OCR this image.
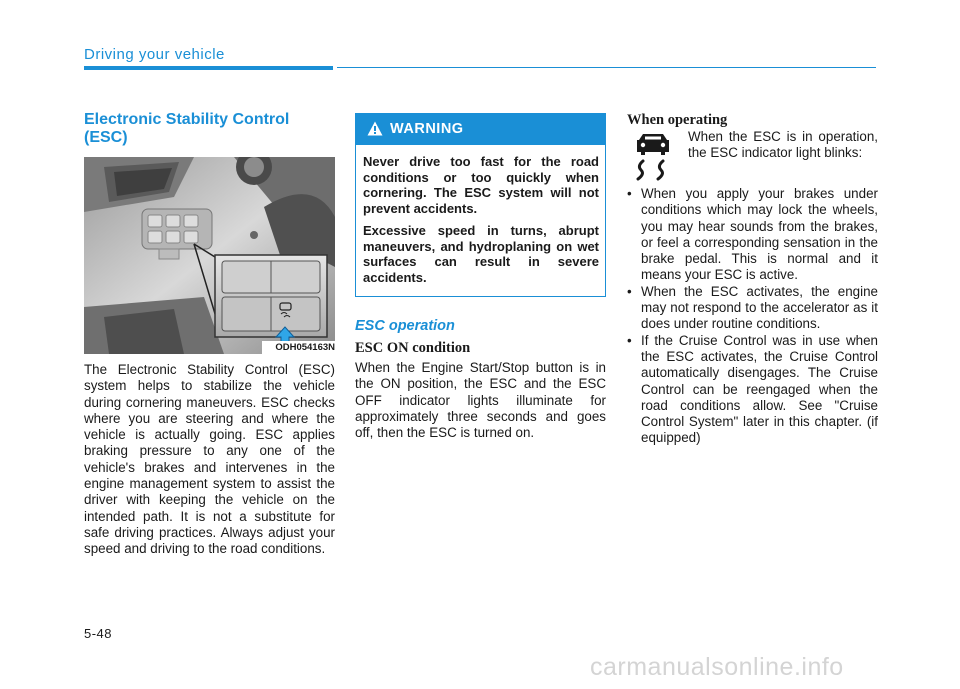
Driving your vehicle
Electronic Stability Control
(ESC)
ODH054163N
The Electronic Stability Control (ESC) system helps to stabilize the vehicle during cornering maneuvers. ESC checks where you are steering and where the vehicle is actually going. ESC applies braking pressure to any one of the vehicle's brakes and intervenes in the engine management system to assist the driver with keeping the vehicle on the intended path. It is not a substitute for safe driving practices. Always adjust your speed and driving to the road conditions.
WARNING

Never drive too fast for the road conditions or too quickly when cornering. The ESC system will not prevent accidents.

Excessive speed in turns, abrupt maneuvers, and hydroplaning on wet surfaces can result in severe accidents.

ESC operation
ESC ON condition
When the Engine Start/Stop button is in the ON position, the ESC and the ESC OFF indicator lights illuminate for approximately three seconds and goes off, then the ESC is turned on.
When operating
When the ESC is in operation, the ESC indicator light blinks:
• When you apply your brakes under conditions which may lock the wheels, you may hear sounds from the brakes, or feel a corresponding sensation in the brake pedal. This is normal and it means your ESC is active.
• When the ESC activates, the engine may not respond to the accelerator as it does under routine conditions.
• If the Cruise Control was in use when the ESC activates, the Cruise Control automatically disengages. The Cruise Control can be reengaged when the road conditions allow. See "Cruise Control System" later in this chapter. (if equipped)
5-48
carmanualsonline.info
